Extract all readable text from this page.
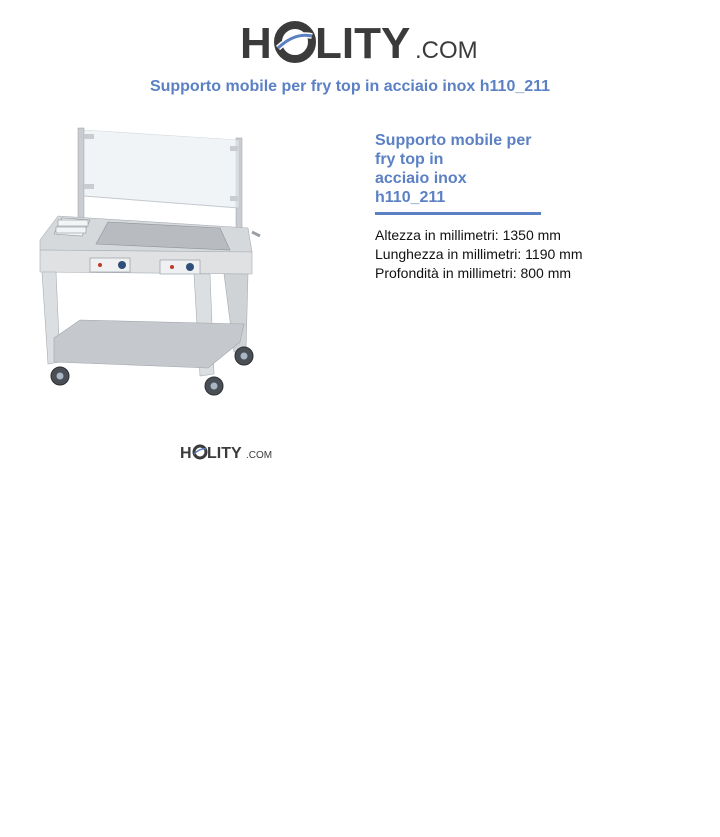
H LITY .COM
Supporto mobile per fry top in acciaio inox h110_211
H LITY .COM
Supporto mobile per
fry top in
acciaio inox h110_211
Altezza in millimetri: 1350 mm
Lunghezza in millimetri: 1190 mm
Profondità in millimetri: 800 mm
